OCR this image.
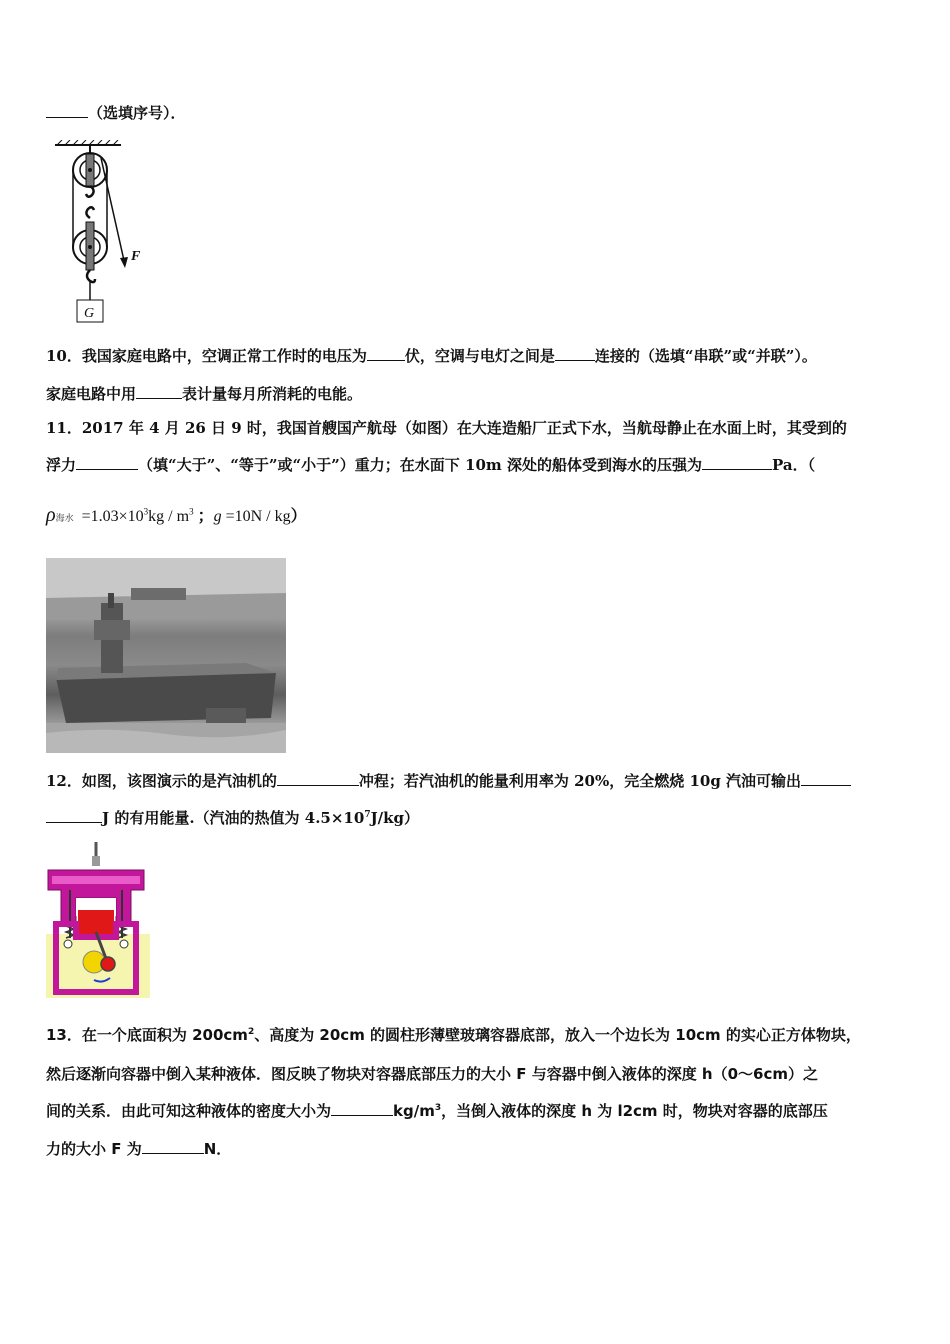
（选填序号）．
F
G
10．我国家庭电路中，空调正常工作时的电压为	伏，空调与电灯之间是	连接的（选填“串联”或“并联”）。
家庭电路中用	表计量每月所消耗的电能。
11．2017 年 4 月 26 日 9 时，我国首艘国产航母（如图）在大连造船厂正式下水，当航母静止在水面上时，其受到的
浮力	（填“大于”、“等于”或“小于”）重力；在水面下 10m 深处的船体受到海水的压强为	Pa．（
ρ海水 $=1.03\times 10^3kg / m^3$ ；g =10N / kg）
12．如图，该图演示的是汽油机的	冲程；若汽油机的能量利用率为 20%，完全燃烧 10g 汽油可输出
J 的有用能量.（汽油的热值为 $4.5\times 10^7J/kg$）
13．在一个底面积为 $200cm^2$、高度为 20cm 的圆柱形薄壁玻璃容器底部，放入一个边长为 10cm 的实心正方体物块，
然后逐渐向容器中倒入某种液体．图反映了物块对容器底部压力的大小 F 与容器中倒入液体的深度 h（0～6cm）之
间的关系．由此可知这种液体的密度大小为	$kg/m^3$，当倒入液体的深度 h 为 l2cm 时，物块对容器的底部压
力的大小 F 为	N．
